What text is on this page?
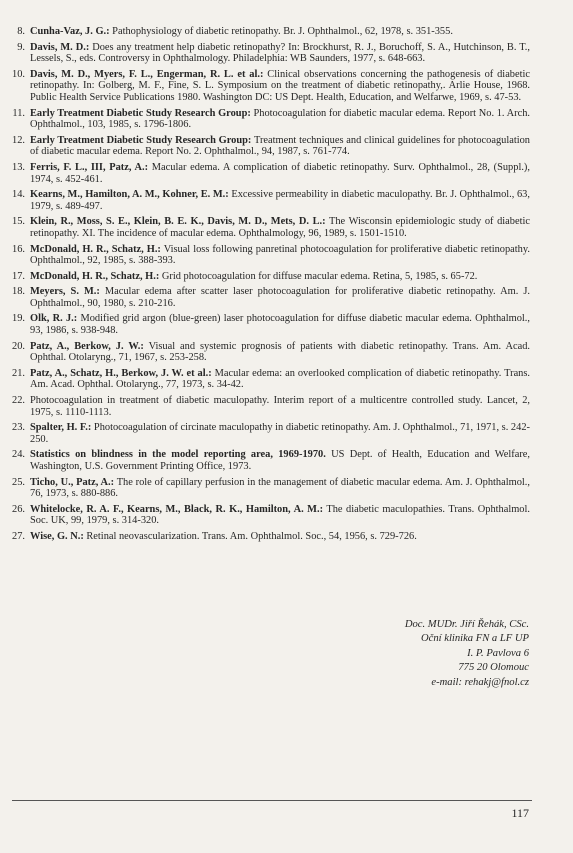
8. Cunha-Vaz, J. G.: Pathophysiology of diabetic retinopathy. Br. J. Ophthalmol., 62, 1978, s. 351-355.
9. Davis, M. D.: Does any treatment help diabetic retinopathy? In: Brockhurst, R. J., Boruchoff, S. A., Hutchinson, B. T., Lessels, S., eds. Controversy in Ophthalmology. Philadelphia: WB Saunders, 1977, s. 648-663.
10. Davis, M. D., Myers, F. L., Engerman, R. L. et al.: Clinical observations concerning the pathogenesis of diabetic retinopathy. In: Golberg, M. F., Fine, S. L. Symposium on the treatment of diabetic retinopathy,. Arlie House, 1968. Public Health Service Publications 1980. Washington DC: US Dept. Health, Education, and Welfarwe, 1969, s. 47-53.
11. Early Treatment Diabetic Study Research Group: Photocoagulation for diabetic macular edema. Report No. 1. Arch. Ophthalmol., 103, 1985, s. 1796-1806.
12. Early Treatment Diabetic Study Research Group: Treatment techniques and clinical guidelines for photocoagulation of diabetic macular edema. Report No. 2. Ophthalmol., 94, 1987, s. 761-774.
13. Ferris, F. L., III, Patz, A.: Macular edema. A complication of diabetic retinopathy. Surv. Ophthalmol., 28, (Suppl.), 1974, s. 452-461.
14. Kearns, M., Hamilton, A. M., Kohner, E. M.: Excessive permeability in diabetic maculopathy. Br. J. Ophthalmol., 63, 1979, s. 489-497.
15. Klein, R., Moss, S. E., Klein, B. E. K., Davis, M. D., Mets, D. L.: The Wisconsin epidemiologic study of diabetic retinopathy. XI. The incidence of macular edema. Ophthalmology, 96, 1989, s. 1501-1510.
16. McDonald, H. R., Schatz, H.: Visual loss following panretinal photocoagulation for proliferative diabetic retinopathy. Ophthalmol., 92, 1985, s. 388-393.
17. McDonald, H. R., Schatz, H.: Grid photocoagulation for diffuse macular edema. Retina, 5, 1985, s. 65-72.
18. Meyers, S. M.: Macular edema after scatter laser photocoagulation for proliferative diabetic retinopathy. Am. J. Ophthalmol., 90, 1980, s. 210-216.
19. Olk, R. J.: Modified grid argon (blue-green) laser photocoagulation for diffuse diabetic macular edema. Ophthalmol., 93, 1986, s. 938-948.
20. Patz, A., Berkow, J. W.: Visual and systemic prognosis of patients with diabetic retinopathy. Trans. Am. Acad. Ophthal. Otolaryng., 71, 1967, s. 253-258.
21. Patz, A., Schatz, H., Berkow, J. W. et al.: Macular edema: an overlooked complication of diabetic retinopathy. Trans. Am. Acad. Ophthal. Otolaryng., 77, 1973, s. 34-42.
22. Photocoagulation in treatment of diabetic maculopathy. Interim report of a multicentre controlled study. Lancet, 2, 1975, s. 1110-1113.
23. Spalter, H. F.: Photocoagulation of circinate maculopathy in diabetic retinopathy. Am. J. Ophthalmol., 71, 1971, s. 242-250.
24. Statistics on blindness in the model reporting area, 1969-1970. US Dept. of Health, Education and Welfare, Washington, U.S. Government Printing Office, 1973.
25. Ticho, U., Patz, A.: The role of capillary perfusion in the management of diabetic macular edema. Am. J. Ophthalmol., 76, 1973, s. 880-886.
26. Whitelocke, R. A. F., Kearns, M., Black, R. K., Hamilton, A. M.: The diabetic maculopathies. Trans. Ophthalmol. Soc. UK, 99, 1979, s. 314-320.
27. Wise, G. N.: Retinal neovascularization. Trans. Am. Ophthalmol. Soc., 54, 1956, s. 729-726.
Doc. MUDr. Jiří Řehák, CSc.
Oční klinika FN a LF UP
I. P. Pavlova 6
775 20 Olomouc
e-mail: rehakj@fnol.cz
117
